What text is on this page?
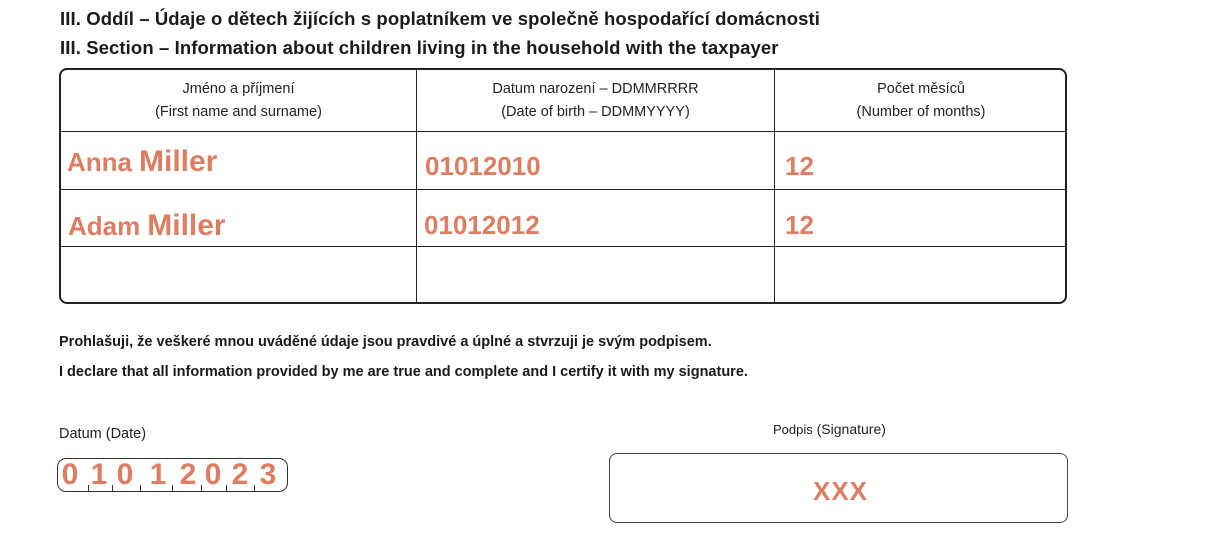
III. Oddíl – Údaje o dětech žijících s poplatníkem ve společně hospodařící domácnosti
III. Section – Information about children living in the household with the taxpayer
Jméno a příjmení
(First name and surname)
Datum narození – DDMMRRRR
(Date of birth – DDMMYYYY)
Počet měsíců
(Number of months)
Anna Miller	01012010	12
Adam Miller	01012012	12
Prohlašuji, že veškeré mnou uváděné údaje jsou pravdivé a úplné a stvrzuji je svým podpisem.
I declare that all information provided by me are true and complete and I certify it with my signature.
Datum (Date)
0 1 0 1 2 0 2 3
Podpis (Signature)
XXX
